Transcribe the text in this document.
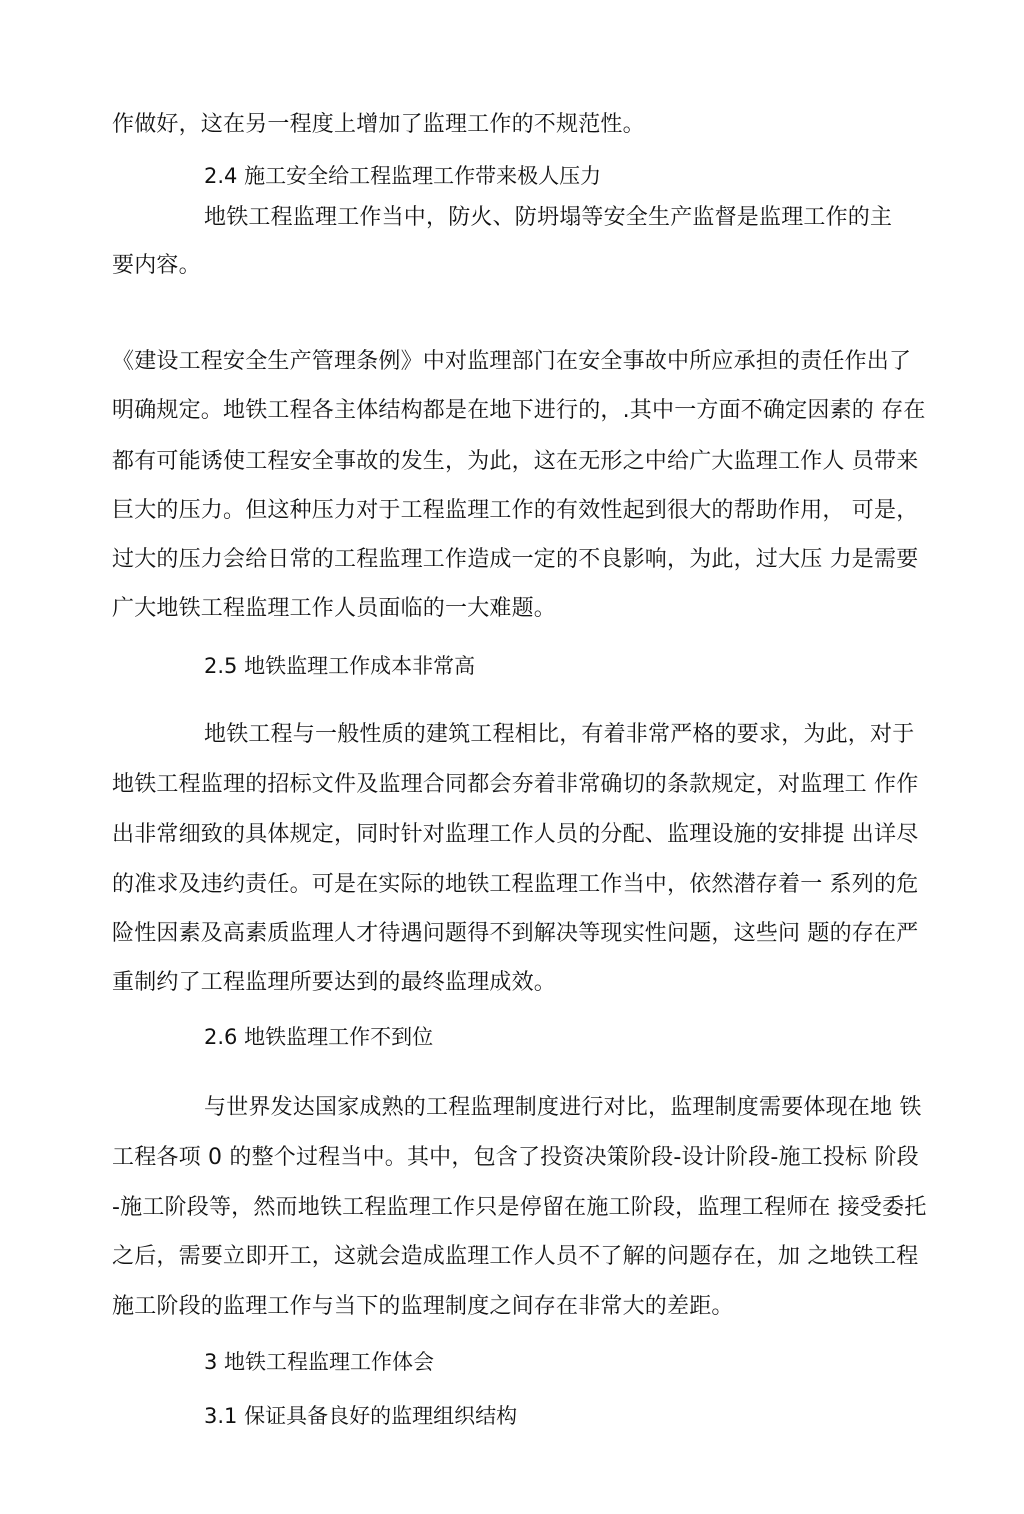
作做好，这在另一程度上增加了监理工作的不规范性。
2.4 施工安全给工程监理工作带来极人压力
地铁工程监理工作当中，防火、防坍塌等安全生产监督是监理工作的主
要内容。
《建设工程安全生产管理条例》中对监理部门在安全事故中所应承担的责任作出了
明确规定。地铁工程各主体结构都是在地下进行的，.其中一方面不确定因素的 存在
都有可能诱使工程安全事故的发生，为此，这在无形之中给广大监理工作人 员带来
巨大的压力。但这种压力对于工程监理工作的有效性起到很大的帮助作用， 可是，
过大的压力会给日常的工程监理工作造成一定的不良影响，为此，过大压 力是需要
广大地铁工程监理工作人员面临的一大难题。
2.5 地铁监理工作成本非常高
地铁工程与一般性质的建筑工程相比，有着非常严格的要求，为此，对于
地铁工程监理的招标文件及监理合同都会夯着非常确切的条款规定，对监理工 作作
出非常细致的具体规定，同时针对监理工作人员的分配、监理设施的安排提 出详尽
的准求及违约责任。可是在实际的地铁工程监理工作当中，依然潜存着一 系列的危
险性因素及高素质监理人才待遇问题得不到解决等现实性问题，这些问 题的存在严
重制约了工程监理所要达到的最终监理成效。
2.6 地铁监理工作不到位
与世界发达国家成熟的工程监理制度进行对比，监理制度需要体现在地 铁
工程各项 0 的整个过程当中。其中，包含了投资决策阶段-设计阶段-施工投标 阶段
-施工阶段等，然而地铁工程监理工作只是停留在施工阶段，监理工程师在 接受委托
之后，需要立即开工，这就会造成监理工作人员不了解的问题存在，加 之地铁工程
施工阶段的监理工作与当下的监理制度之间存在非常大的差距。
3 地铁工程监理工作体会
3.1 保证具备良好的监理组织结构
